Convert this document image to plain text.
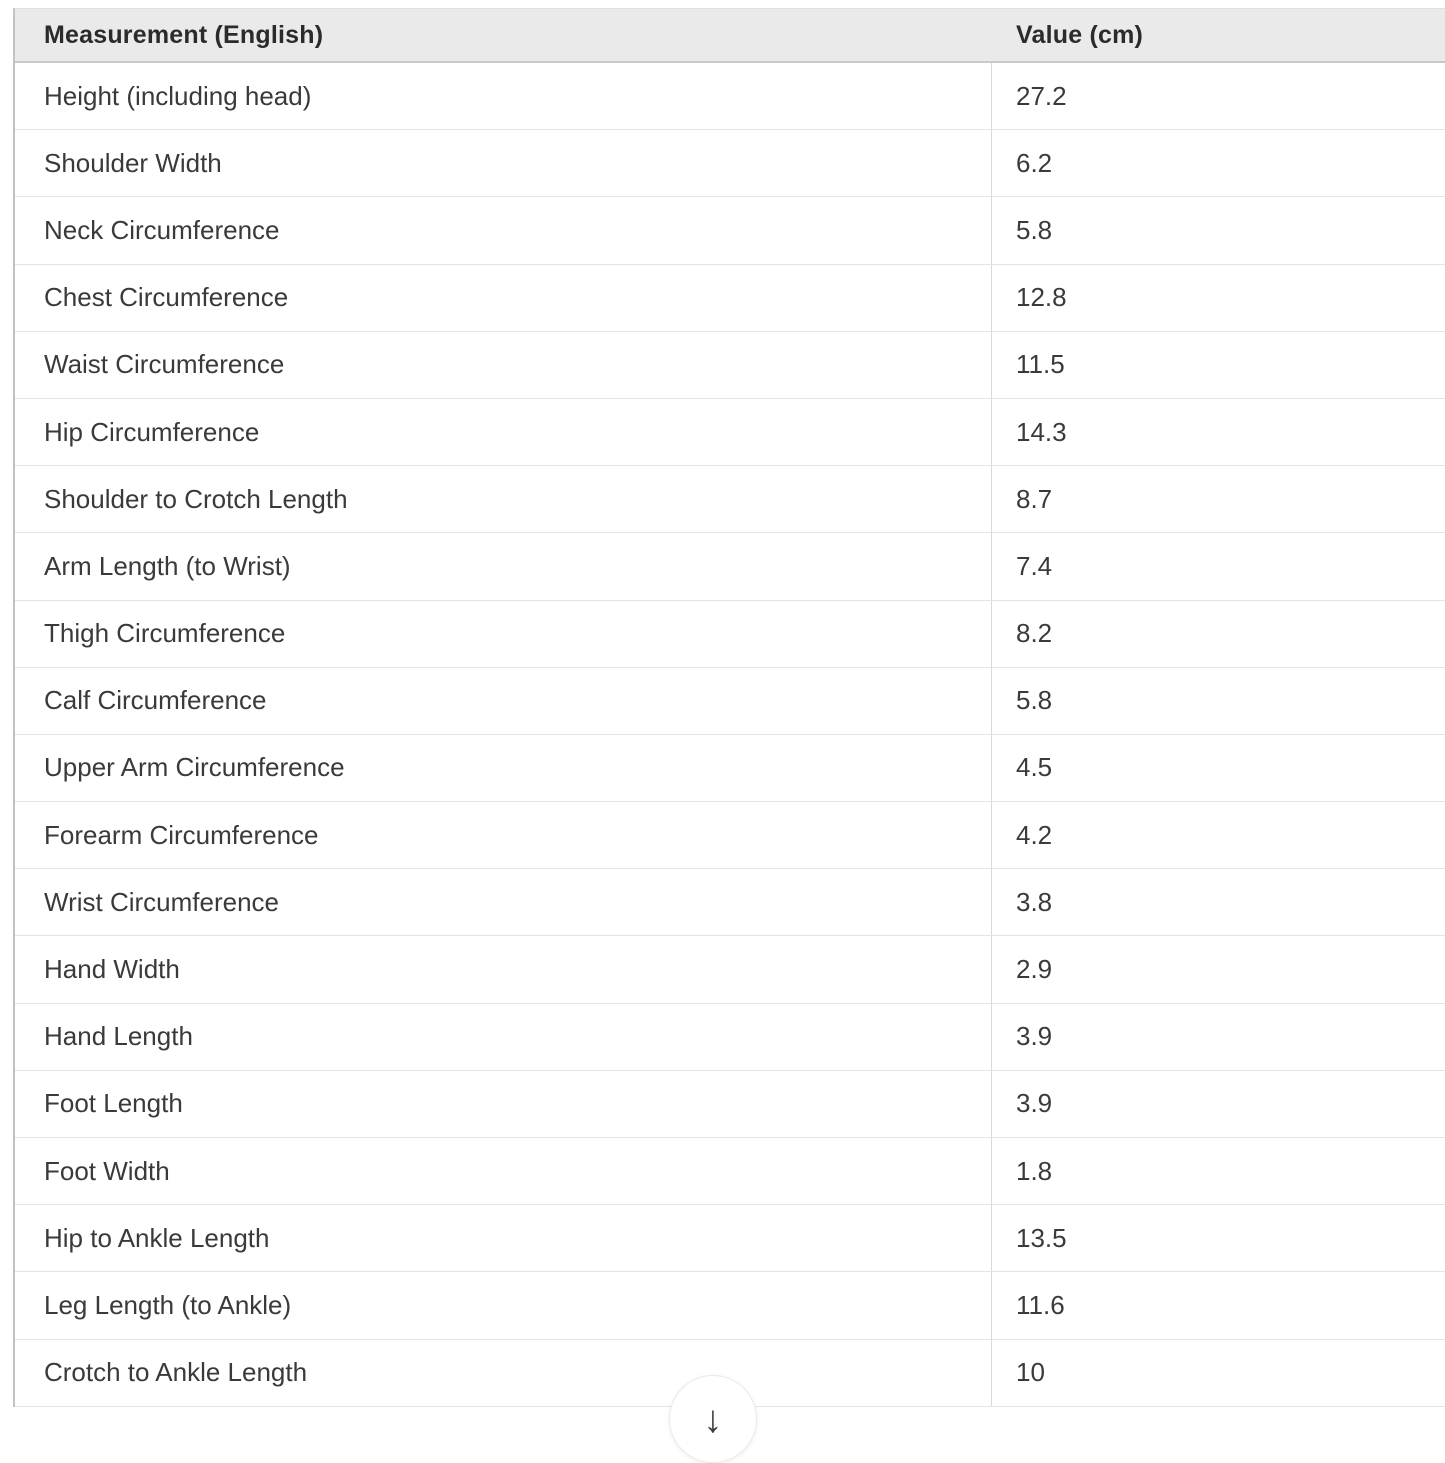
Measurement (English)	Value (cm)
Height (including head)	27.2
Shoulder Width	6.2
Neck Circumference	5.8
Chest Circumference	12.8
Waist Circumference	11.5
Hip Circumference	14.3
Shoulder to Crotch Length	8.7
Arm Length (to Wrist)	7.4
Thigh Circumference	8.2
Calf Circumference	5.8
Upper Arm Circumference	4.5
Forearm Circumference	4.2
Wrist Circumference	3.8
Hand Width	2.9
Hand Length	3.9
Foot Length	3.9
Foot Width	1.8
Hip to Ankle Length	13.5
Leg Length (to Ankle)	11.6
Crotch to Ankle Length	10
↓
